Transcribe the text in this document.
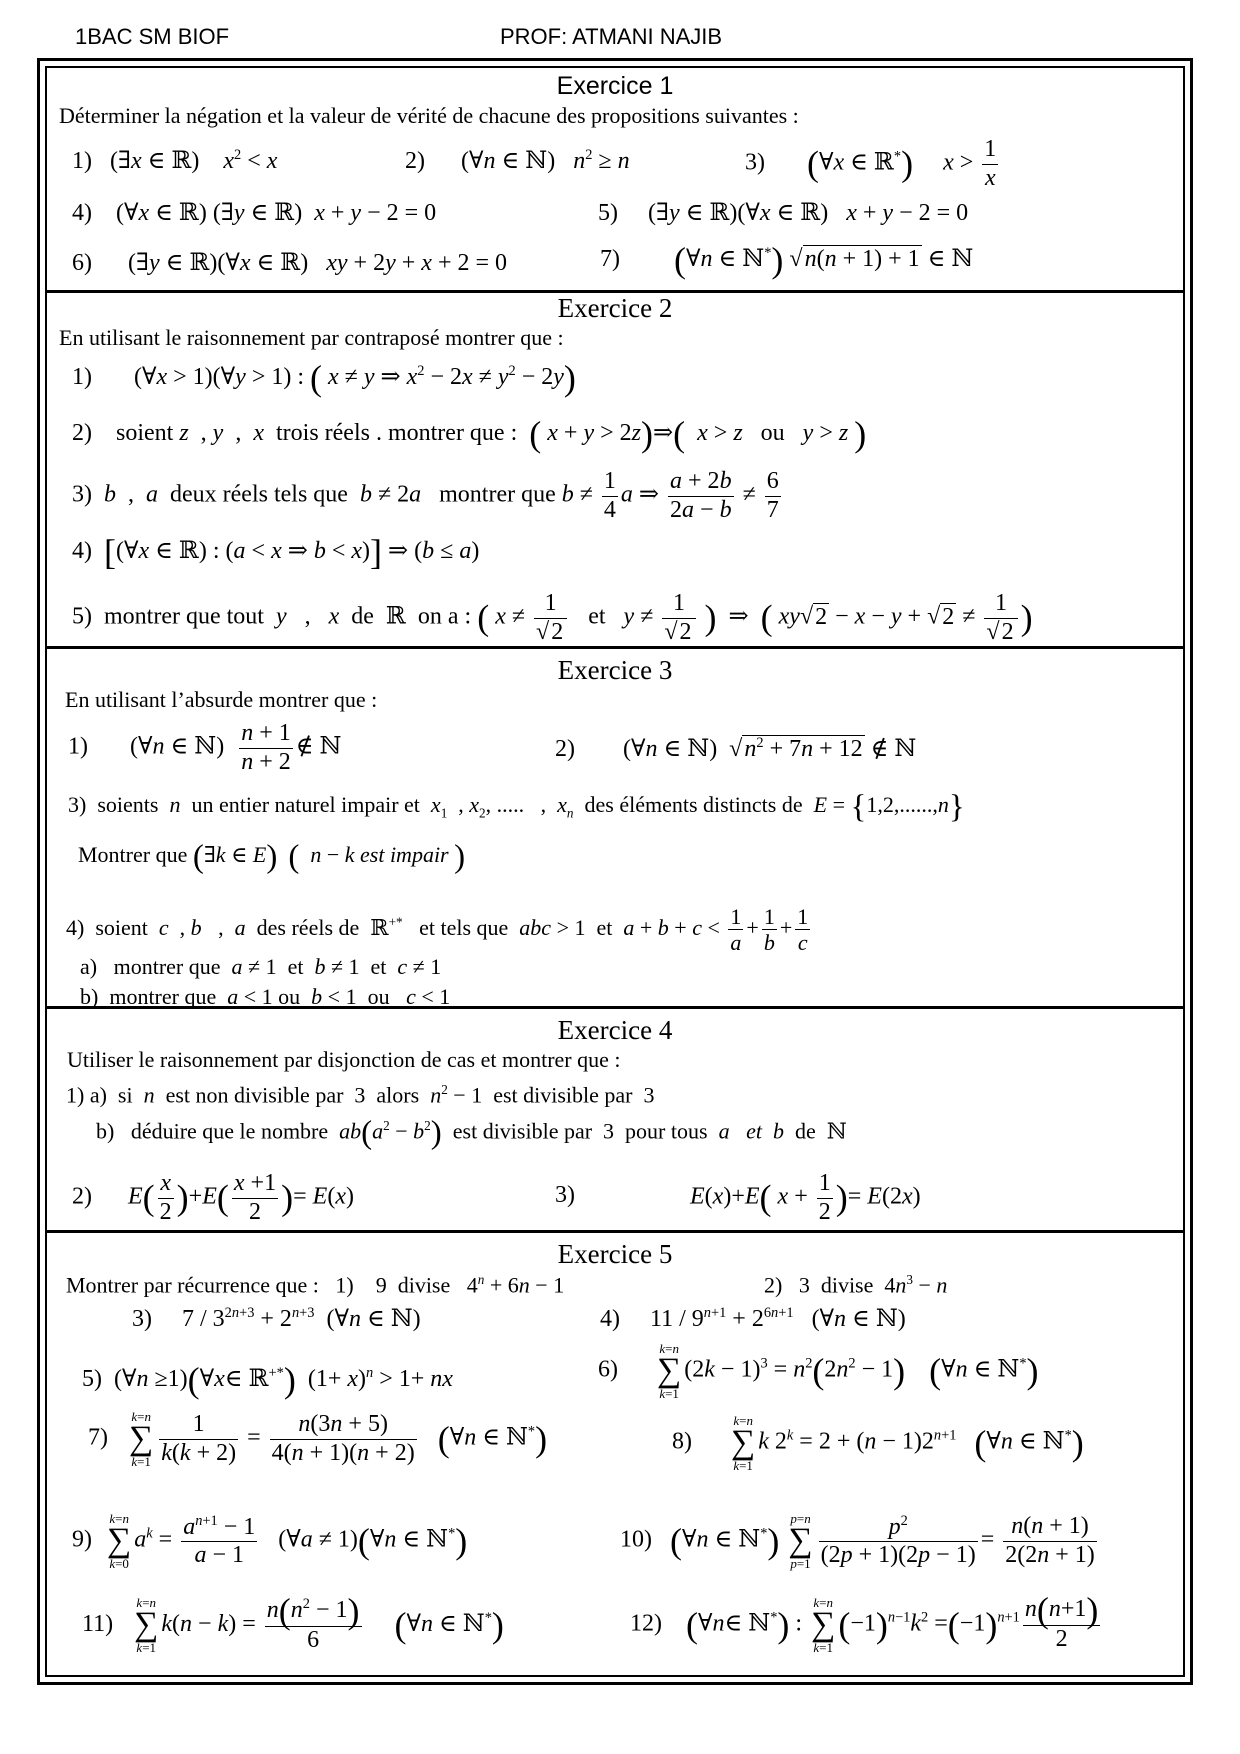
1BAC SM BIOF	PROF: ATMANI NAJIB
Exercice 1
Déterminer la négation et la valeur de vérité de chacune des propositions suivantes :
1)   (∃x ∈ ℝ)    $x^2 < x$	2)      (∀n ∈ ℕ)   $n^2 \ge n$	3) (∀x ∈ ℝ*) $x > \frac{1}{x}$
4)    (∀x ∈ ℝ) (∃y ∈ ℝ)  x + y − 2 = 0	5)     (∃y ∈ ℝ)(∀x ∈ ℝ)   x + y − 2 = 0
6)      (∃y ∈ ℝ)(∀x ∈ ℝ)   xy + 2y + x + 2 = 0	7) (∀n ∈ ℕ*) √n(n + 1) + 1 ∈ ℕ
Exercice 2
En utilisant le raisonnement par contraposé montrer que :
1)       (∀x > 1)(∀y > 1) : ( x ≠ y ⇒ $x^2 - 2x \ne y^2 - 2y$)
2)    soient z  , y  ,  x  trois réels . montrer que :  ( x + y > 2z)⇒( x > z   ou   y > z )
3) b  ,  a  deux réels tels que  b ≠ 2a   montrer que $b \ne \frac{1}{4}$ a ⇒ $\frac{a + 2b}{2a - b} \ne \frac{6}{7}$
4) [(∀x ∈ ℝ) : (a < x ⇒ b < x)] ⇒ (b ≤ a)
5)  montrer que tout  y   ,   x  de  ℝ  on a : ( $x \ne \frac{1}{√2}$ et   $y \ne \frac{1}{√2}$ )  ⇒  ( $xy√2 - x - y + √2 \ne \frac{1}{√2}$ )
Exercice 3
En utilisant l’absurde montrer que :
1)       (∀n ∈ ℕ) $\frac{n + 1}{n + 2}$ ∉ ℕ	2)        (∀n ∈ ℕ)  $√n^2 + 7n + 12$ ∉ ℕ
3)  soients  n  un entier naturel impair et  $x_1$  , $x_2$, .....   ,  $x_n$  des éléments distincts de  E = {1,2,......,n}
Montrer que (∃k ∈ E) ( n − k est impair )
4)  soient  c  , b   ,  a  des réels de  ℝ+*   et tels que  abc > 1  et  $a + b + c < \frac{1}{a} + \frac{1}{b} + \frac{1}{c}$
a)   montrer que  a ≠ 1  et  b ≠ 1  et  c ≠ 1
b)  montrer que  a < 1 ou  b < 1  ou   c < 1
Exercice 4
Utiliser le raisonnement par disjonction de cas et montrer que :
1) a)  si  n  est non divisible par  3  alors  $n^2 - 1$  est divisible par  3
b)   déduire que le nombre  $ab(a^2 - b^2)$  est divisible par  3  pour tous  a et b  de  ℕ
2) $E( \frac{x}{2} )+E( \frac{x +1}{2}$ )= E(x)	3)	E(x)+E( $x + \frac{1}{2}$ )= E(2x)
Exercice 5
Montrer par récurrence que : 1)    9  divise   $4^n + 6n - 1$	2)   3  divise  $4n^3 - n$
3)     $7 / 3^{2n+3} + 2^{n+3}$  (∀n ∈ ℕ)	4)     $11 / 9^{n+1} + 2^{6n+1}$   (∀n ∈ ℕ)
5)  (∀n ≥1)(∀x∈ ℝ+*)  $(1+ x)^n > 1+$ nx	6)      k=n
∑
$k=1(2k - 1)^3 = n^2(2n^2 - 1)$ (∀n ∈ ℕ*)
7)   k=n
∑
$k=1 \frac{1}{k(k + 2)} = \frac{n(3n + 5)}{4(n + 1)(n + 2)}$ (∀n ∈ ℕ*)	8)      k=n
∑
k=1k $2^k = 2 + (n - 1)2^{n+1}$ (∀n ∈ ℕ*)
9)  k=n
∑
$k=0a^k = \frac{a^{n+1} - 1}{a - 1}$ (∀a ≠ 1)(∀n ∈ ℕ*)	10) (∀n ∈ ℕ*) p=n
∑
$p=1 \frac{p^2}{(2p + 1)(2p - 1)} = \frac{n(n + 1)}{2(2n + 1)}$
11)   k=n
∑
$k=1k(n - k) = \frac{n(n^2 - 1)}{6}$ (∀n ∈ ℕ*)	12) (∀n∈ ℕ*) : k=n
∑
$k=1(-1)^{n-1}k^2 =(-1)^{n+1} \frac{n(n+1)}{2}$
